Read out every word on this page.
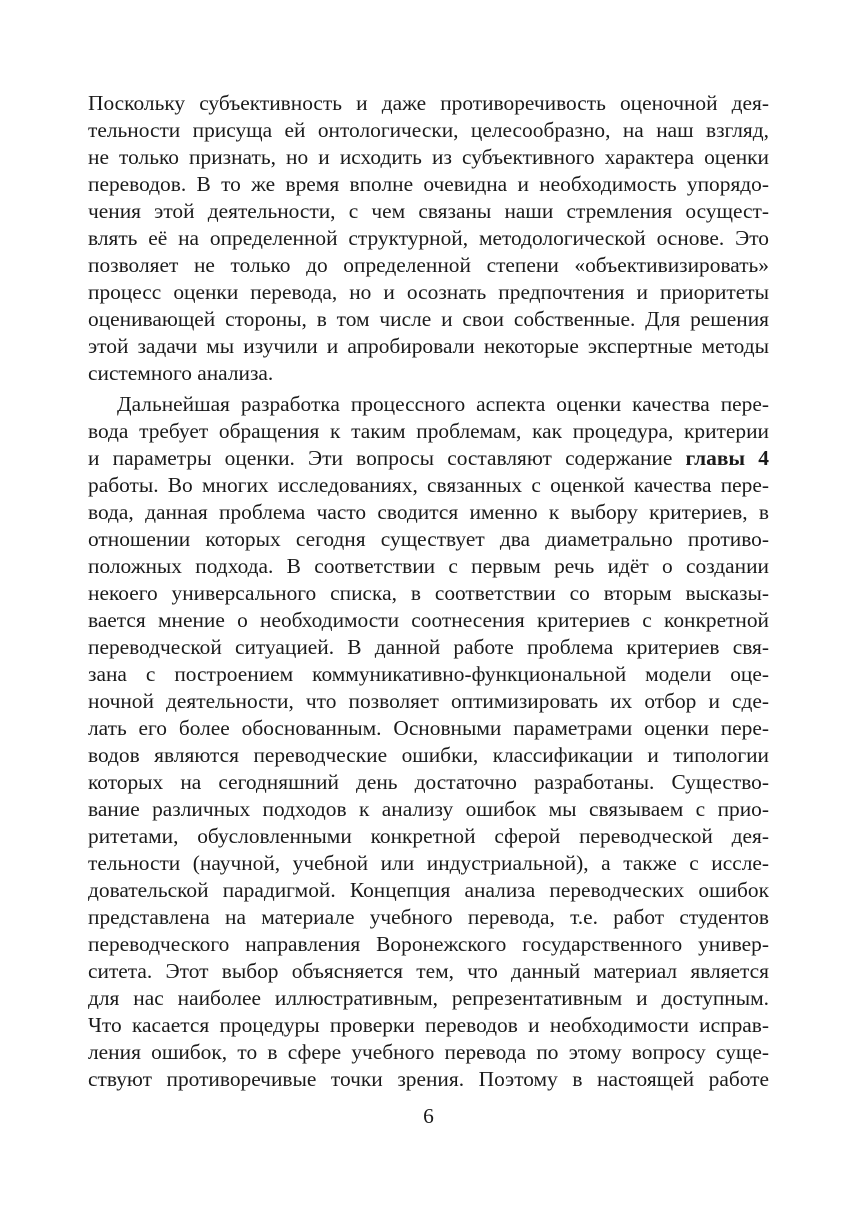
Поскольку субъективность и даже противоречивость оценочной дея-
тельности присуща ей онтологически, целесообразно, на наш взгляд,
не только признать, но и исходить из субъективного характера оценки
переводов. В то же время вполне очевидна и необходимость упорядо-
чения этой деятельности, с чем связаны наши стремления осущест-
влять её на определенной структурной, методологической основе. Это
позволяет не только до определенной степени «объективизировать»
процесс оценки перевода, но и осознать предпочтения и приоритеты
оценивающей стороны, в том числе и свои собственные. Для решения
этой задачи мы изучили и апробировали некоторые экспертные методы
системного анализа.
Дальнейшая разработка процессного аспекта оценки качества пере-
вода требует обращения к таким проблемам, как процедура, критерии
и параметры оценки. Эти вопросы составляют содержание главы 4
работы. Во многих исследованиях, связанных с оценкой качества пере-
вода, данная проблема часто сводится именно к выбору критериев, в
отношении которых сегодня существует два диаметрально противо-
положных подхода. В соответствии с первым речь идёт о создании
некоего универсального списка, в соответствии со вторым высказы-
вается мнение о необходимости соотнесения критериев с конкретной
переводческой ситуацией. В данной работе проблема критериев свя-
зана с построением коммуникативно-функциональной модели оце-
ночной деятельности, что позволяет оптимизировать их отбор и сде-
лать его более обоснованным. Основными параметрами оценки пере-
водов являются переводческие ошибки, классификации и типологии
которых на сегодняшний день достаточно разработаны. Существо-
вание различных подходов к анализу ошибок мы связываем с прио-
ритетами, обусловленными конкретной сферой переводческой дея-
тельности (научной, учебной или индустриальной), а также с иссле-
довательской парадигмой. Концепция анализа переводческих ошибок
представлена на материале учебного перевода, т.е. работ студентов
переводческого направления Воронежского государственного универ-
ситета. Этот выбор объясняется тем, что данный материал является
для нас наиболее иллюстративным, репрезентативным и доступным.
Что касается процедуры проверки переводов и необходимости исправ-
ления ошибок, то в сфере учебного перевода по этому вопросу суще-
ствуют противоречивые точки зрения. Поэтому в настоящей работе
6
